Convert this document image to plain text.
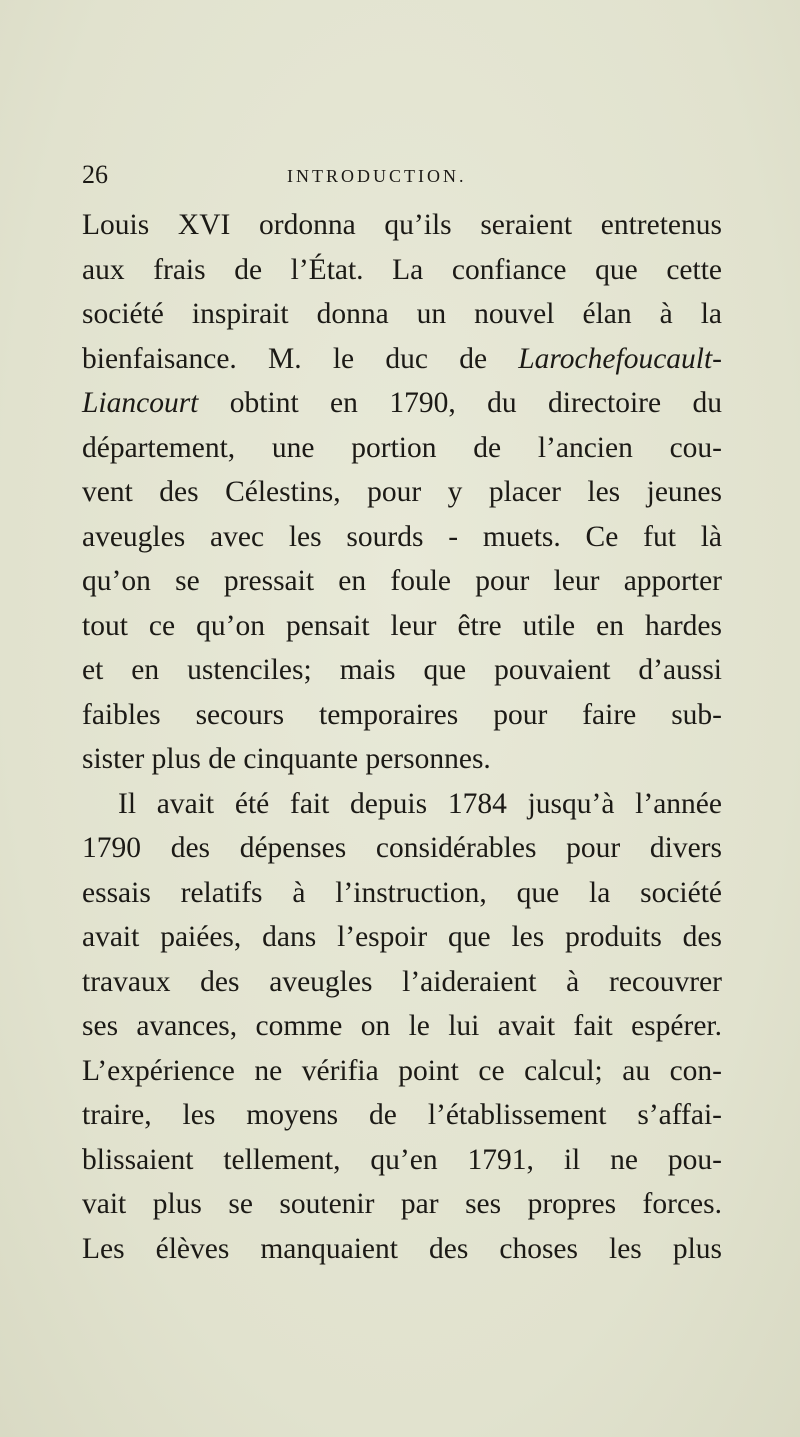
26	INTRODUCTION.
Louis XVI ordonna qu’ils seraient entretenus
aux frais de l’État. La confiance que cette
société inspirait donna un nouvel élan à la
bienfaisance. M. le duc de Larochefoucault-
Liancourt obtint en 1790, du directoire du
département, une portion de l’ancien cou-
vent des Célestins, pour y placer les jeunes
aveugles avec les sourds - muets. Ce fut là
qu’on se pressait en foule pour leur apporter
tout ce qu’on pensait leur être utile en hardes
et en ustenciles; mais que pouvaient d’aussi
faibles secours temporaires pour faire sub-
sister plus de cinquante personnes.
Il avait été fait depuis 1784 jusqu’à l’année
1790 des dépenses considérables pour divers
essais relatifs à l’instruction, que la société
avait paiées, dans l’espoir que les produits des
travaux des aveugles l’aideraient à recouvrer
ses avances, comme on le lui avait fait espérer.
L’expérience ne vérifia point ce calcul; au con-
traire, les moyens de l’établissement s’affai-
blissaient tellement, qu’en 1791, il ne pou-
vait plus se soutenir par ses propres forces.
Les élèves manquaient des choses les plus
